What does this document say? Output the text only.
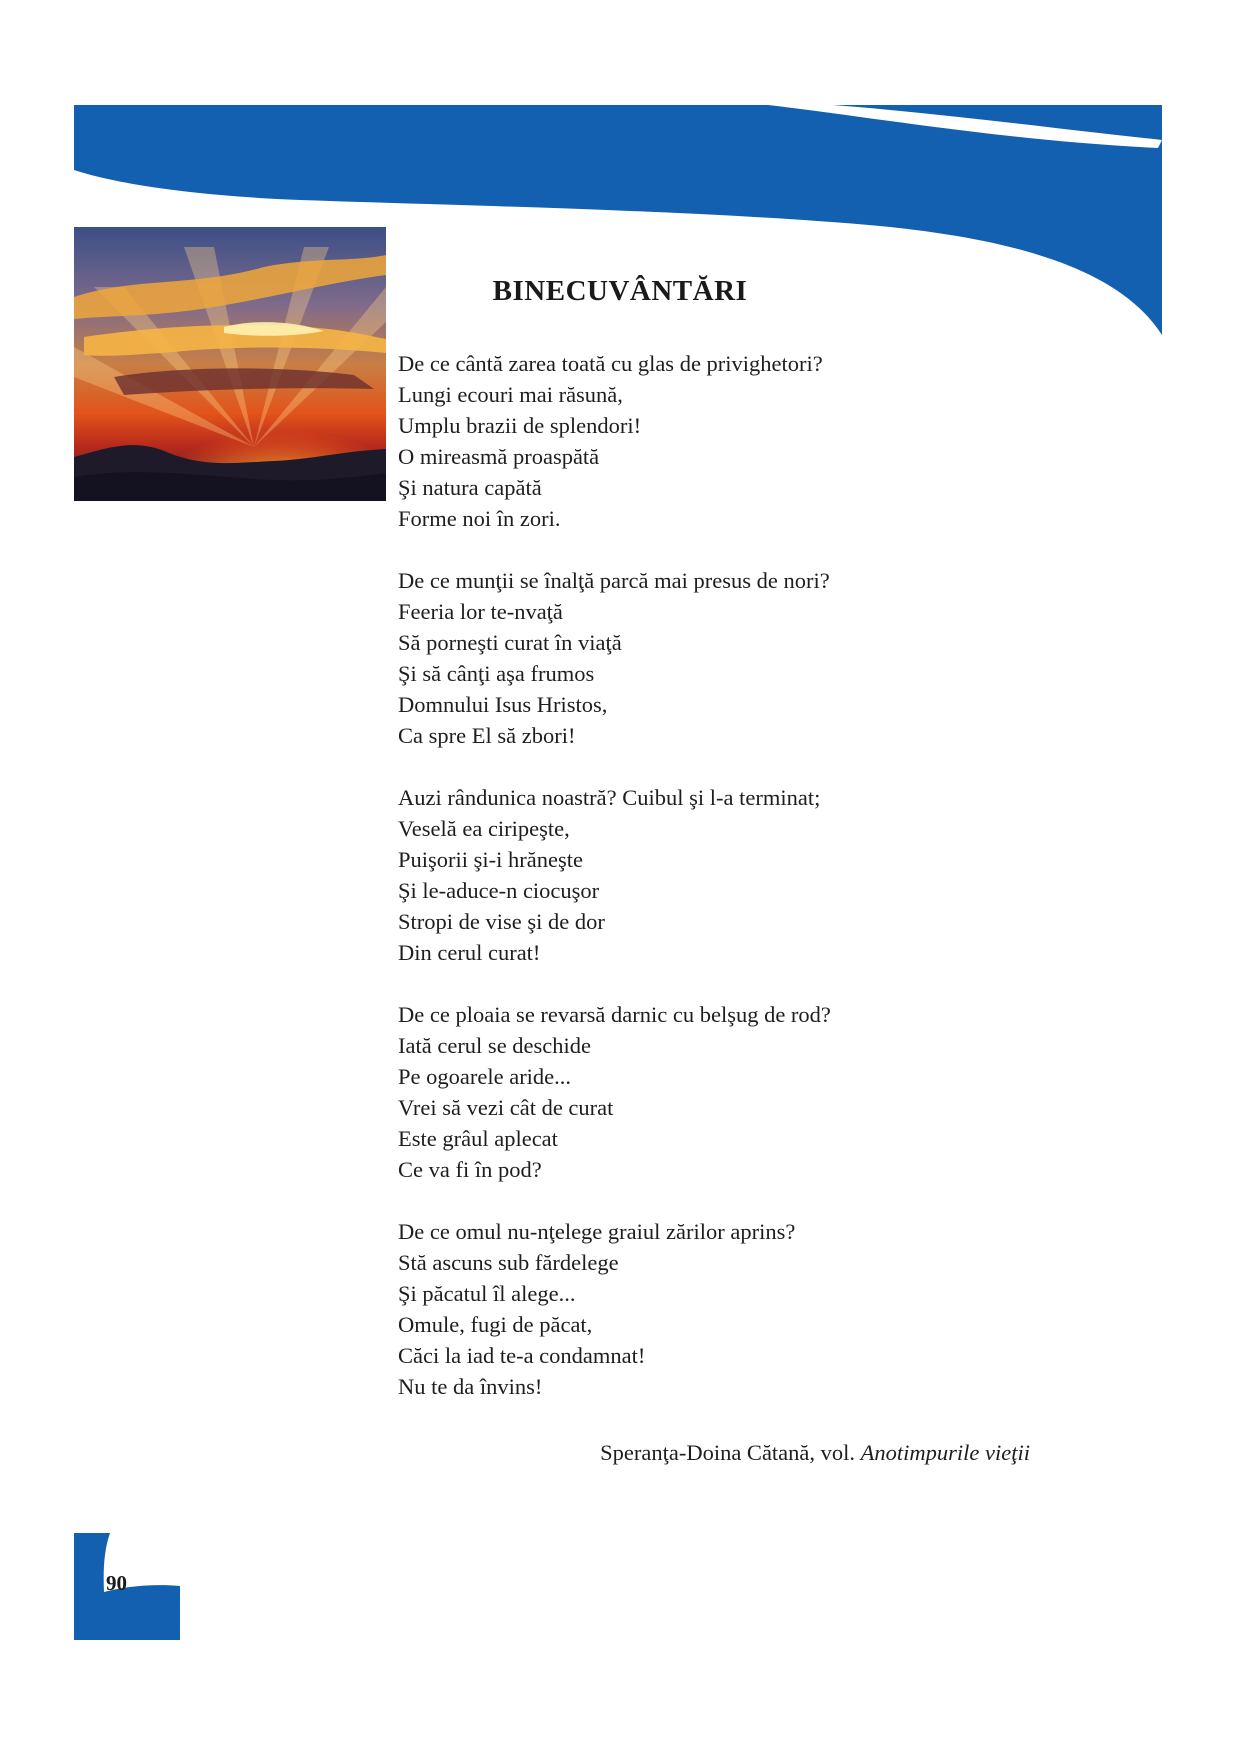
BINECUVÂNTĂRI
De ce cântă zarea toată cu glas de privighetori?
Lungi ecouri mai răsună,
Umplu brazii de splendori!
O mireasmă proaspătă
Şi natura capătă
Forme noi în zori.
De ce munţii se înalţă parcă mai presus de nori?
Feeria lor te-nvaţă
Să porneşti curat în viaţă
Şi să cânţi aşa frumos
Domnului Isus Hristos,
Ca spre El să zbori!
Auzi rândunica noastră? Cuibul şi l-a terminat;
Veselă ea ciripeşte,
Puişorii şi-i hrăneşte
Şi le-aduce-n ciocuşor
Stropi de vise şi de dor
Din cerul curat!
De ce ploaia se revarsă darnic cu belşug de rod?
Iată cerul se deschide
Pe ogoarele aride...
Vrei să vezi cât de curat
Este grâul aplecat
Ce va fi în pod?
De ce omul nu-nţelege graiul zărilor aprins?
Stă ascuns sub fărdelege
Şi păcatul îl alege...
Omule, fugi de păcat,
Căci la iad te-a condamnat!
Nu te da învins!
Speranţa-Doina Cătană, vol. Anotimpurile vieţii
90
